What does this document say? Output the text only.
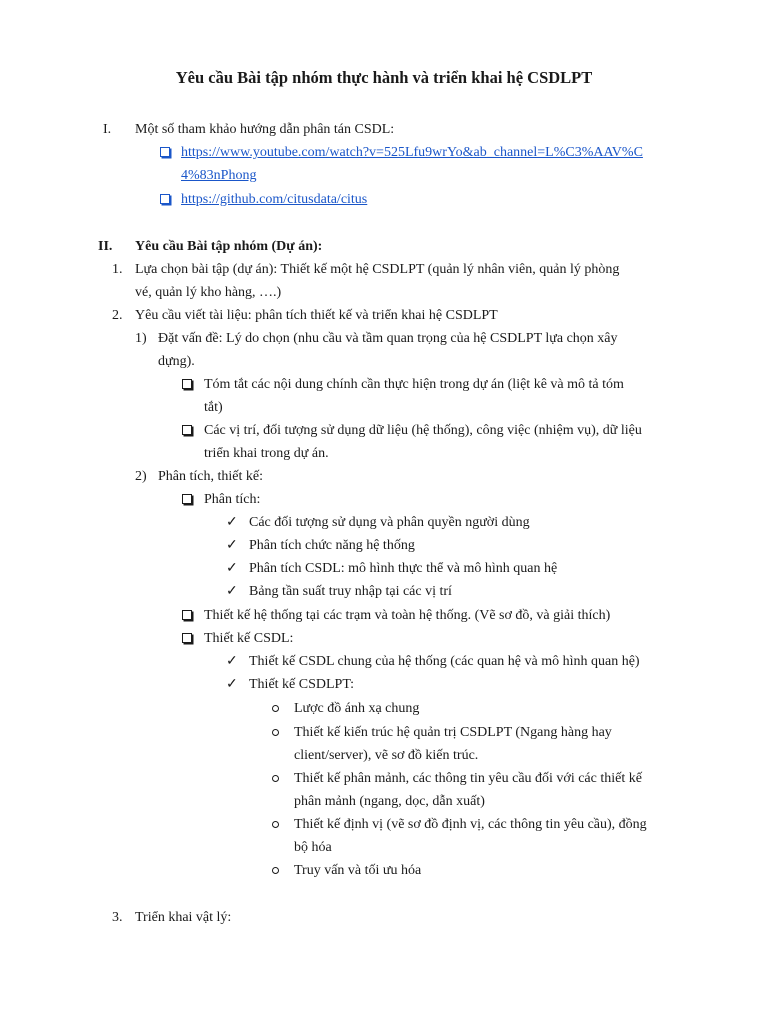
Yêu cầu Bài tập nhóm thực hành và triển khai hệ CSDLPT
I. Một số tham khảo hướng dẫn phân tán CSDL:
https://www.youtube.com/watch?v=525Lfu9wrYo&ab_channel=L%C3%AAV%C
4%83nPhong
https://github.com/citusdata/citus
II. Yêu cầu Bài tập nhóm (Dự án):
1. Lựa chọn bài tập (dự án): Thiết kế một hệ CSDLPT (quản lý nhân viên, quản lý phòng
vé, quản lý kho hàng, ….)
2. Yêu cầu viết tài liệu: phân tích thiết kế và triển khai hệ CSDLPT
1) Đặt vấn đề: Lý do chọn (nhu cầu và tầm quan trọng của hệ CSDLPT lựa chọn xây
dựng).
Tóm tắt các nội dung chính cần thực hiện trong dự án (liệt kê và mô tả tóm
tắt)
Các vị trí, đối tượng sử dụng dữ liệu (hệ thống), công việc (nhiệm vụ), dữ liệu
triển khai trong dự án.
2) Phân tích, thiết kế:
Phân tích:
✓ Các đối tượng sử dụng và phân quyền người dùng
✓ Phân tích chức năng hệ thống
✓ Phân tích CSDL: mô hình thực thể và mô hình quan hệ
✓ Bảng tần suất truy nhập tại các vị trí
Thiết kế hệ thống tại các trạm và toàn hệ thống. (Vẽ sơ đồ, và giải thích)
Thiết kế CSDL:
✓ Thiết kế CSDL chung của hệ thống (các quan hệ và mô hình quan hệ)
✓ Thiết kế CSDLPT:
Lược đồ ánh xạ chung
Thiết kế kiến trúc hệ quản trị CSDLPT (Ngang hàng hay
client/server), vẽ sơ đồ kiến trúc.
Thiết kế phân mảnh, các thông tin yêu cầu đối với các thiết kế
phân mảnh (ngang, dọc, dẫn xuất)
Thiết kế định vị (vẽ sơ đồ định vị, các thông tin yêu cầu), đồng
bộ hóa
Truy vấn và tối ưu hóa
3. Triển khai vật lý:
